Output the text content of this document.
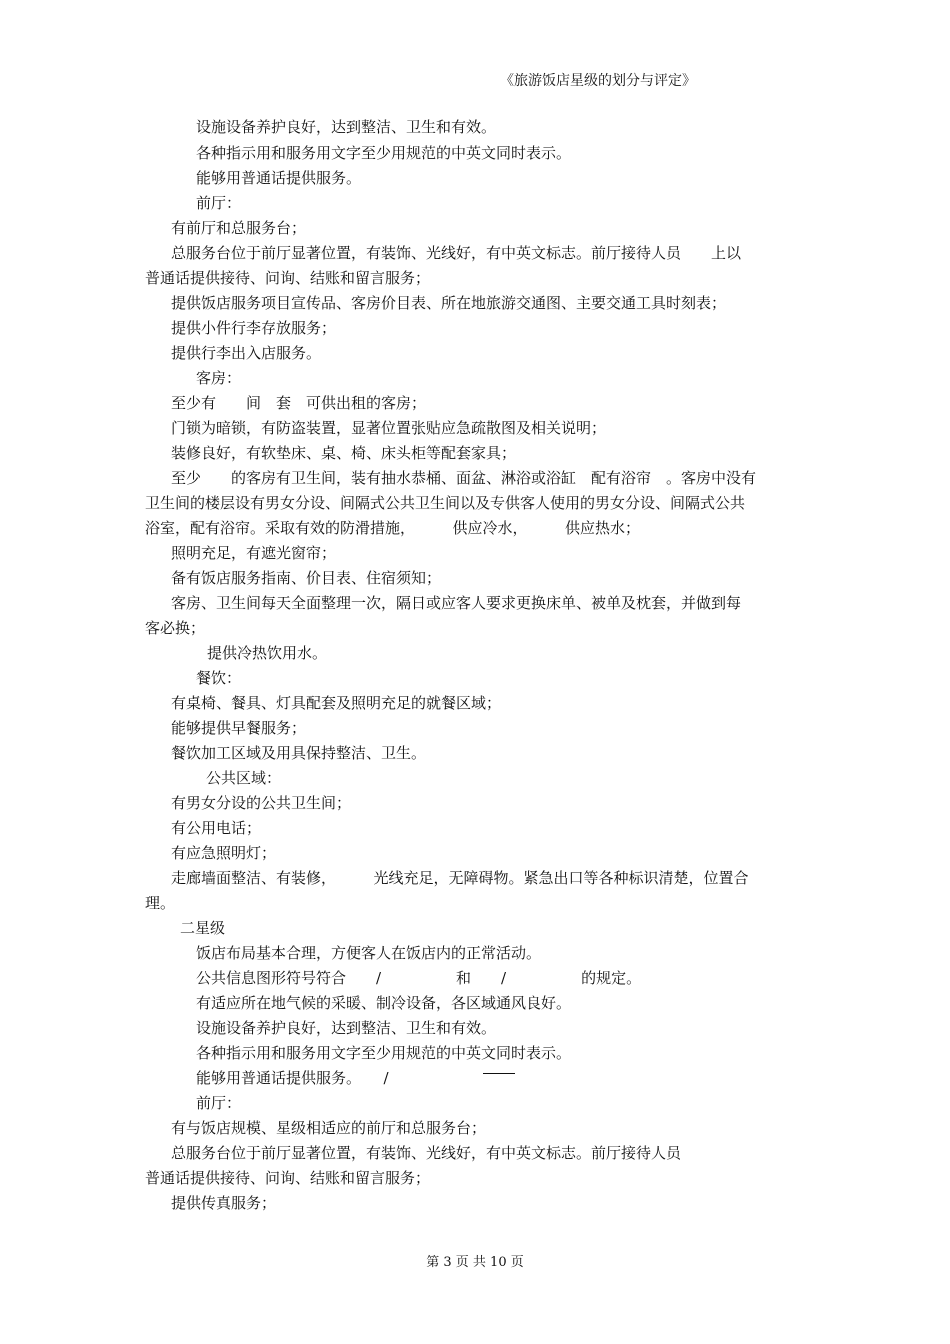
《旅游饭店星级的划分与评定》
设施设备养护良好，达到整洁、卫生和有效。
各种指示用和服务用文字至少用规范的中英文同时表示。
能够用普通话提供服务。
前厅：
有前厅和总服务台；
总服务台位于前厅显著位置，有装饰、光线好，有中英文标志。前厅接待人员　　上以
普通话提供接待、问询、结账和留言服务；
提供饭店服务项目宣传品、客房价目表、所在地旅游交通图、主要交通工具时刻表；
提供小件行李存放服务；
提供行李出入店服务。
客房：
至少有　　间　套　可供出租的客房；
门锁为暗锁，有防盗装置，显著位置张贴应急疏散图及相关说明；
装修良好，有软垫床、桌、椅、床头柜等配套家具；
至少　　的客房有卫生间，装有抽水恭桶、面盆、淋浴或浴缸　配有浴帘　。客房中没有
卫生间的楼层设有男女分设、间隔式公共卫生间以及专供客人使用的男女分设、间隔式公共
浴室，配有浴帘。采取有效的防滑措施，　　　供应冷水，　　　供应热水；
照明充足，有遮光窗帘；
备有饭店服务指南、价目表、住宿须知；
客房、卫生间每天全面整理一次，隔日或应客人要求更换床单、被单及枕套，并做到每
客必换；
提供冷热饮用水。
餐饮：
有桌椅、餐具、灯具配套及照明充足的就餐区域；
能够提供早餐服务；
餐饮加工区域及用具保持整洁、卫生。
公共区域：
有男女分设的公共卫生间；
有公用电话；
有应急照明灯；
走廊墙面整洁、有装修，　　　光线充足，无障碍物。紧急出口等各种标识清楚，位置合
理。
二星级
饭店布局基本合理，方便客人在饭店内的正常活动。
公共信息图形符号符合　　/　　　　　和　　/　　　　　的规定。
有适应所在地气候的采暖、制冷设备，各区域通风良好。
设施设备养护良好，达到整洁、卫生和有效。
各种指示用和服务用文字至少用规范的中英文同时表示。
能够用普通话提供服务。　　/
前厅：
有与饭店规模、星级相适应的前厅和总服务台；
总服务台位于前厅显著位置，有装饰、光线好，有中英文标志。前厅接待人员
普通话提供接待、问询、结账和留言服务；
提供传真服务；
第 3 页 共 10 页
